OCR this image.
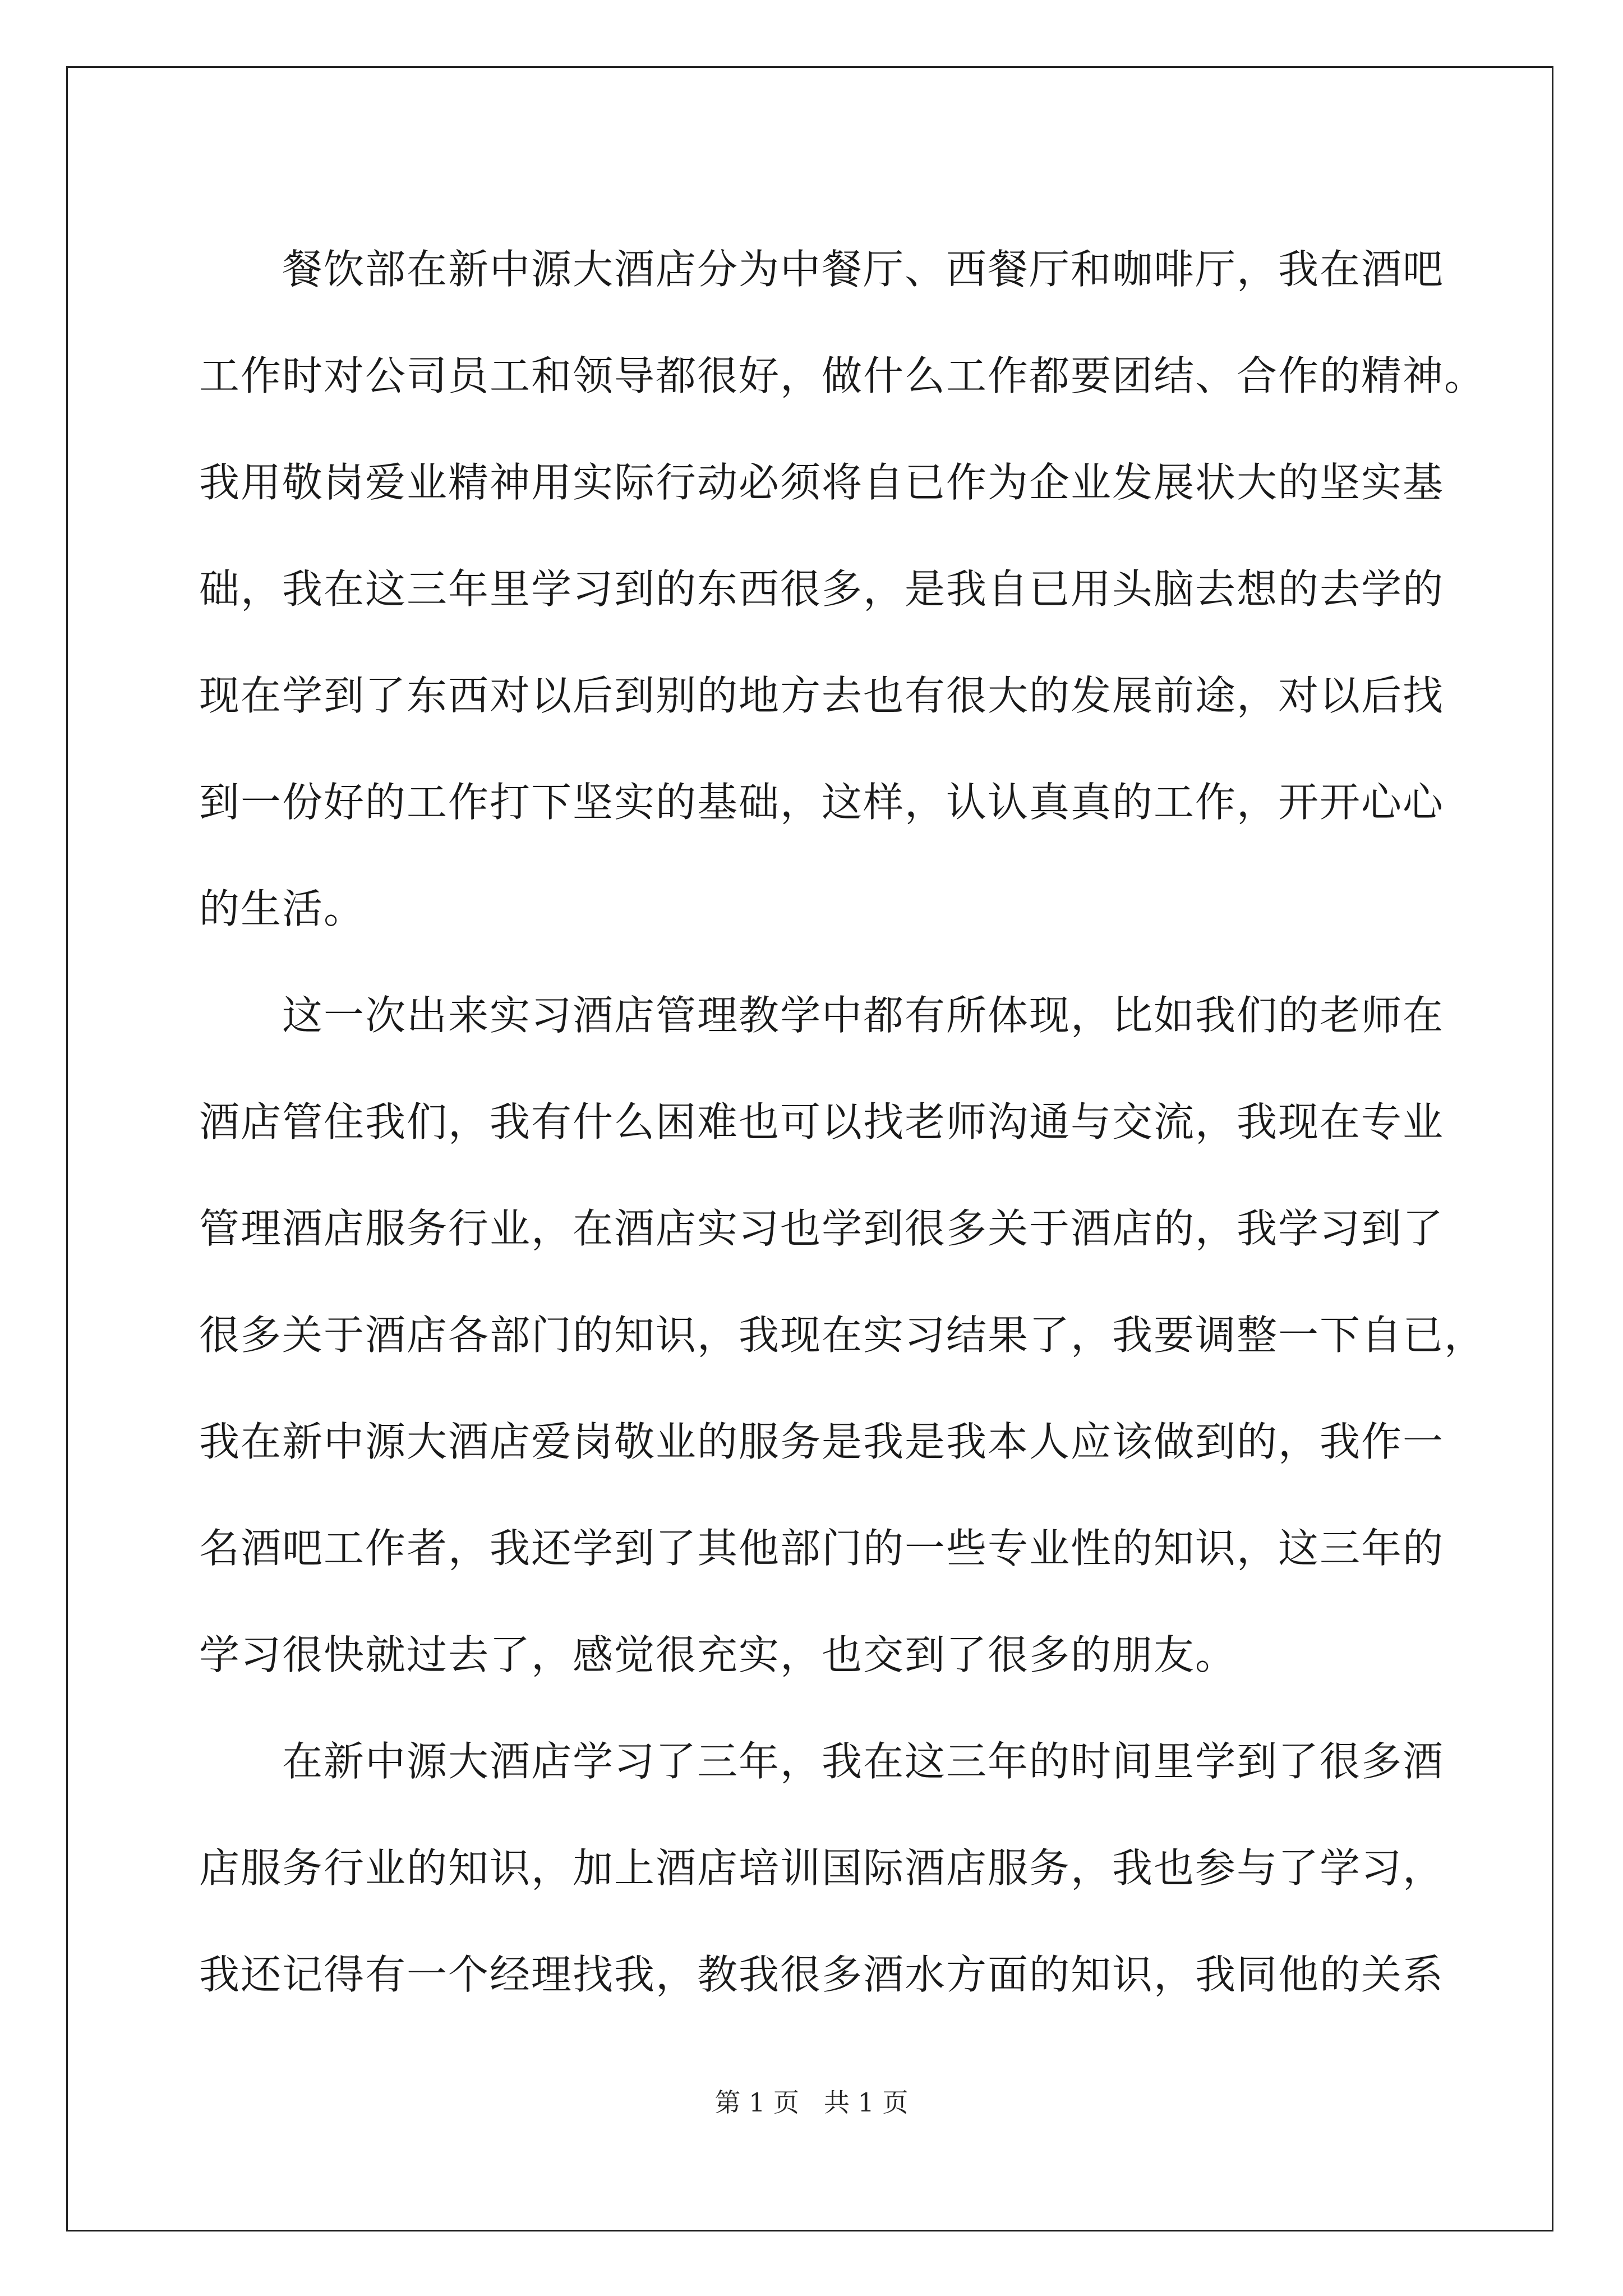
餐饮部在新中源大酒店分为中餐厅、西餐厅和咖啡厅，我在酒吧
工作时对公司员工和领导都很好，做什么工作都要团结、合作的精神。
我用敬岗爱业精神用实际行动必须将自已作为企业发展状大的坚实基
础，我在这三年里学习到的东西很多，是我自已用头脑去想的去学的
现在学到了东西对以后到别的地方去也有很大的发展前途，对以后找
到一份好的工作打下坚实的基础，这样，认认真真的工作，开开心心
的生活。
这一次出来实习酒店管理教学中都有所体现，比如我们的老师在
酒店管住我们，我有什么困难也可以找老师沟通与交流，我现在专业
管理酒店服务行业，在酒店实习也学到很多关于酒店的，我学习到了
很多关于酒店各部门的知识，我现在实习结果了，我要调整一下自已，
我在新中源大酒店爱岗敬业的服务是我是我本人应该做到的，我作一
名酒吧工作者，我还学到了其他部门的一些专业性的知识，这三年的
学习很快就过去了，感觉很充实，也交到了很多的朋友。
在新中源大酒店学习了三年，我在这三年的时间里学到了很多酒
店服务行业的知识，加上酒店培训国际酒店服务，我也参与了学习，
我还记得有一个经理找我，教我很多酒水方面的知识，我同他的关系
第 1 页 共 1 页
